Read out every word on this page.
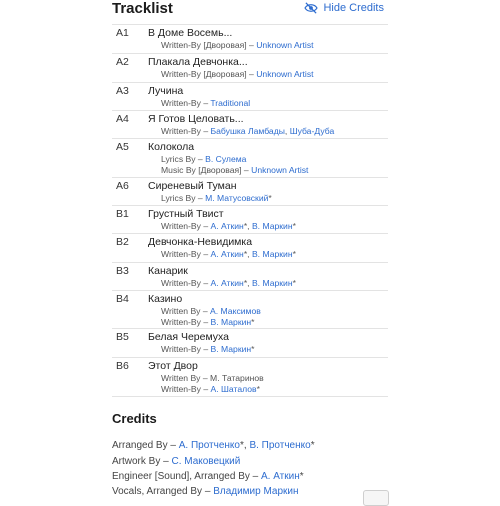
Tracklist	Hide Credits
A1 В Доме Восемь...
Written-By [Дворовая] – Unknown Artist
A2 Плакала Девчонка...
Written-By [Дворовая] – Unknown Artist
A3 Лучина
Written-By – Traditional
A4 Я Готов Целовать...
Written-By – Бабушка Ламбады, Шуба-Дуба
A5 Колокола
Lyrics By – В. Сулема
Music By [Дворовая] – Unknown Artist
A6 Сиреневый Туман
Lyrics By – М. Матусовский*
B1 Грустный Твист
Written-By – А. Аткин*, В. Маркин*
B2 Девчонка-Невидимка
Written-By – А. Аткин*, В. Маркин*
B3 Канарик
Written-By – А. Аткин*, В. Маркин*
B4 Казино
Written By – А. Максимов
Written-By – В. Маркин*
B5 Белая Черемуха
Written-By – В. Маркин*
B6 Этот Двор
Written By – М. Татаринов
Written-By – А. Шаталов*
Credits
Arranged By – А. Протченко*, В. Протченко*
Artwork By – С. Маковецкий
Engineer [Sound], Arranged By – А. Аткин*
Vocals, Arranged By – Владимир Маркин
